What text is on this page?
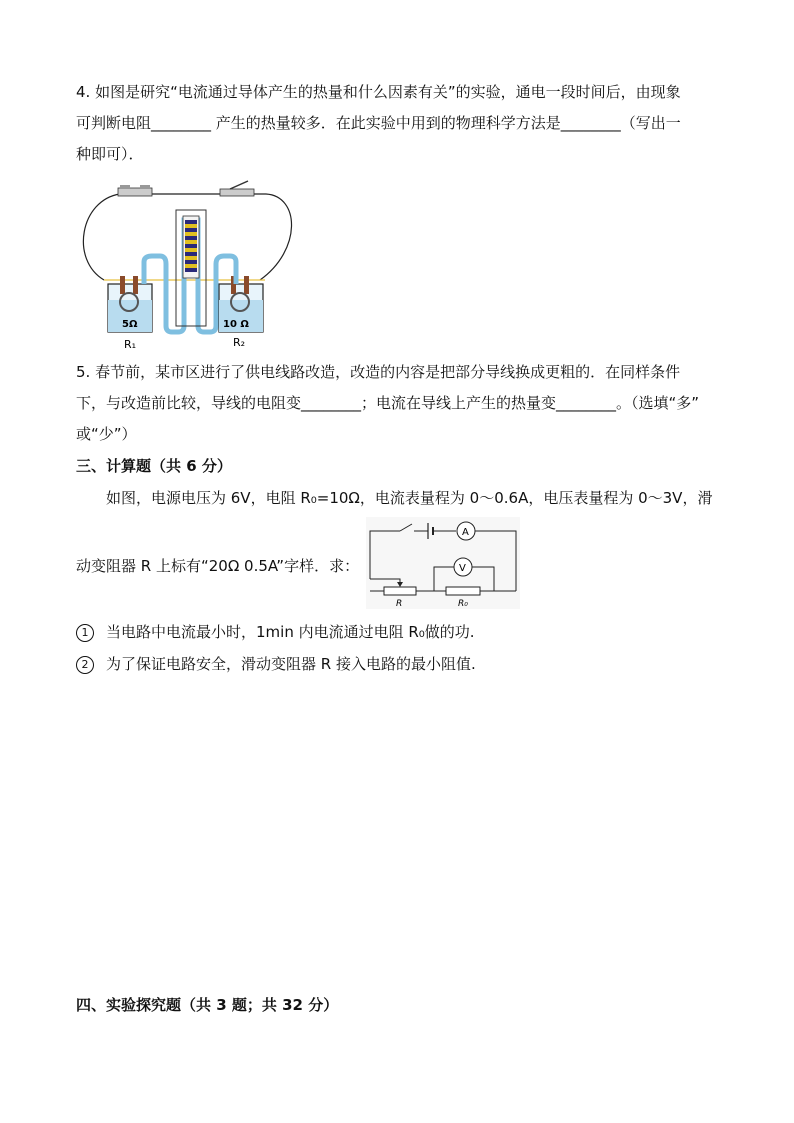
4. 如图是研究“电流通过导体产生的热量和什么因素有关”的实验，通电一段时间后，由现象
可判断电阻________ 产生的热量较多．在此实验中用到的物理科学方法是________（写出一
种即可）．
5Ω	10 Ω
R₁	R₂
5. 春节前，某市区进行了供电线路改造，改造的内容是把部分导线换成更粗的．在同样条件
下，与改造前比较，导线的电阻变________；电流在导线上产生的热量变________。（选填“多”
或“少”）
三、计算题（共 6 分）
如图，电源电压为 6V，电阻 R₀=10Ω，电流表量程为 0～0.6A，电压表量程为 0～3V，滑
动变阻器 R 上标有“20Ω 0.5A”字样．求：
A
V
R	R₀
1 当电路中电流最小时，1min 内电流通过电阻 R₀做的功.
2 为了保证电路安全，滑动变阻器 R 接入电路的最小阻值.
四、实验探究题（共 3 题；共 32 分）
